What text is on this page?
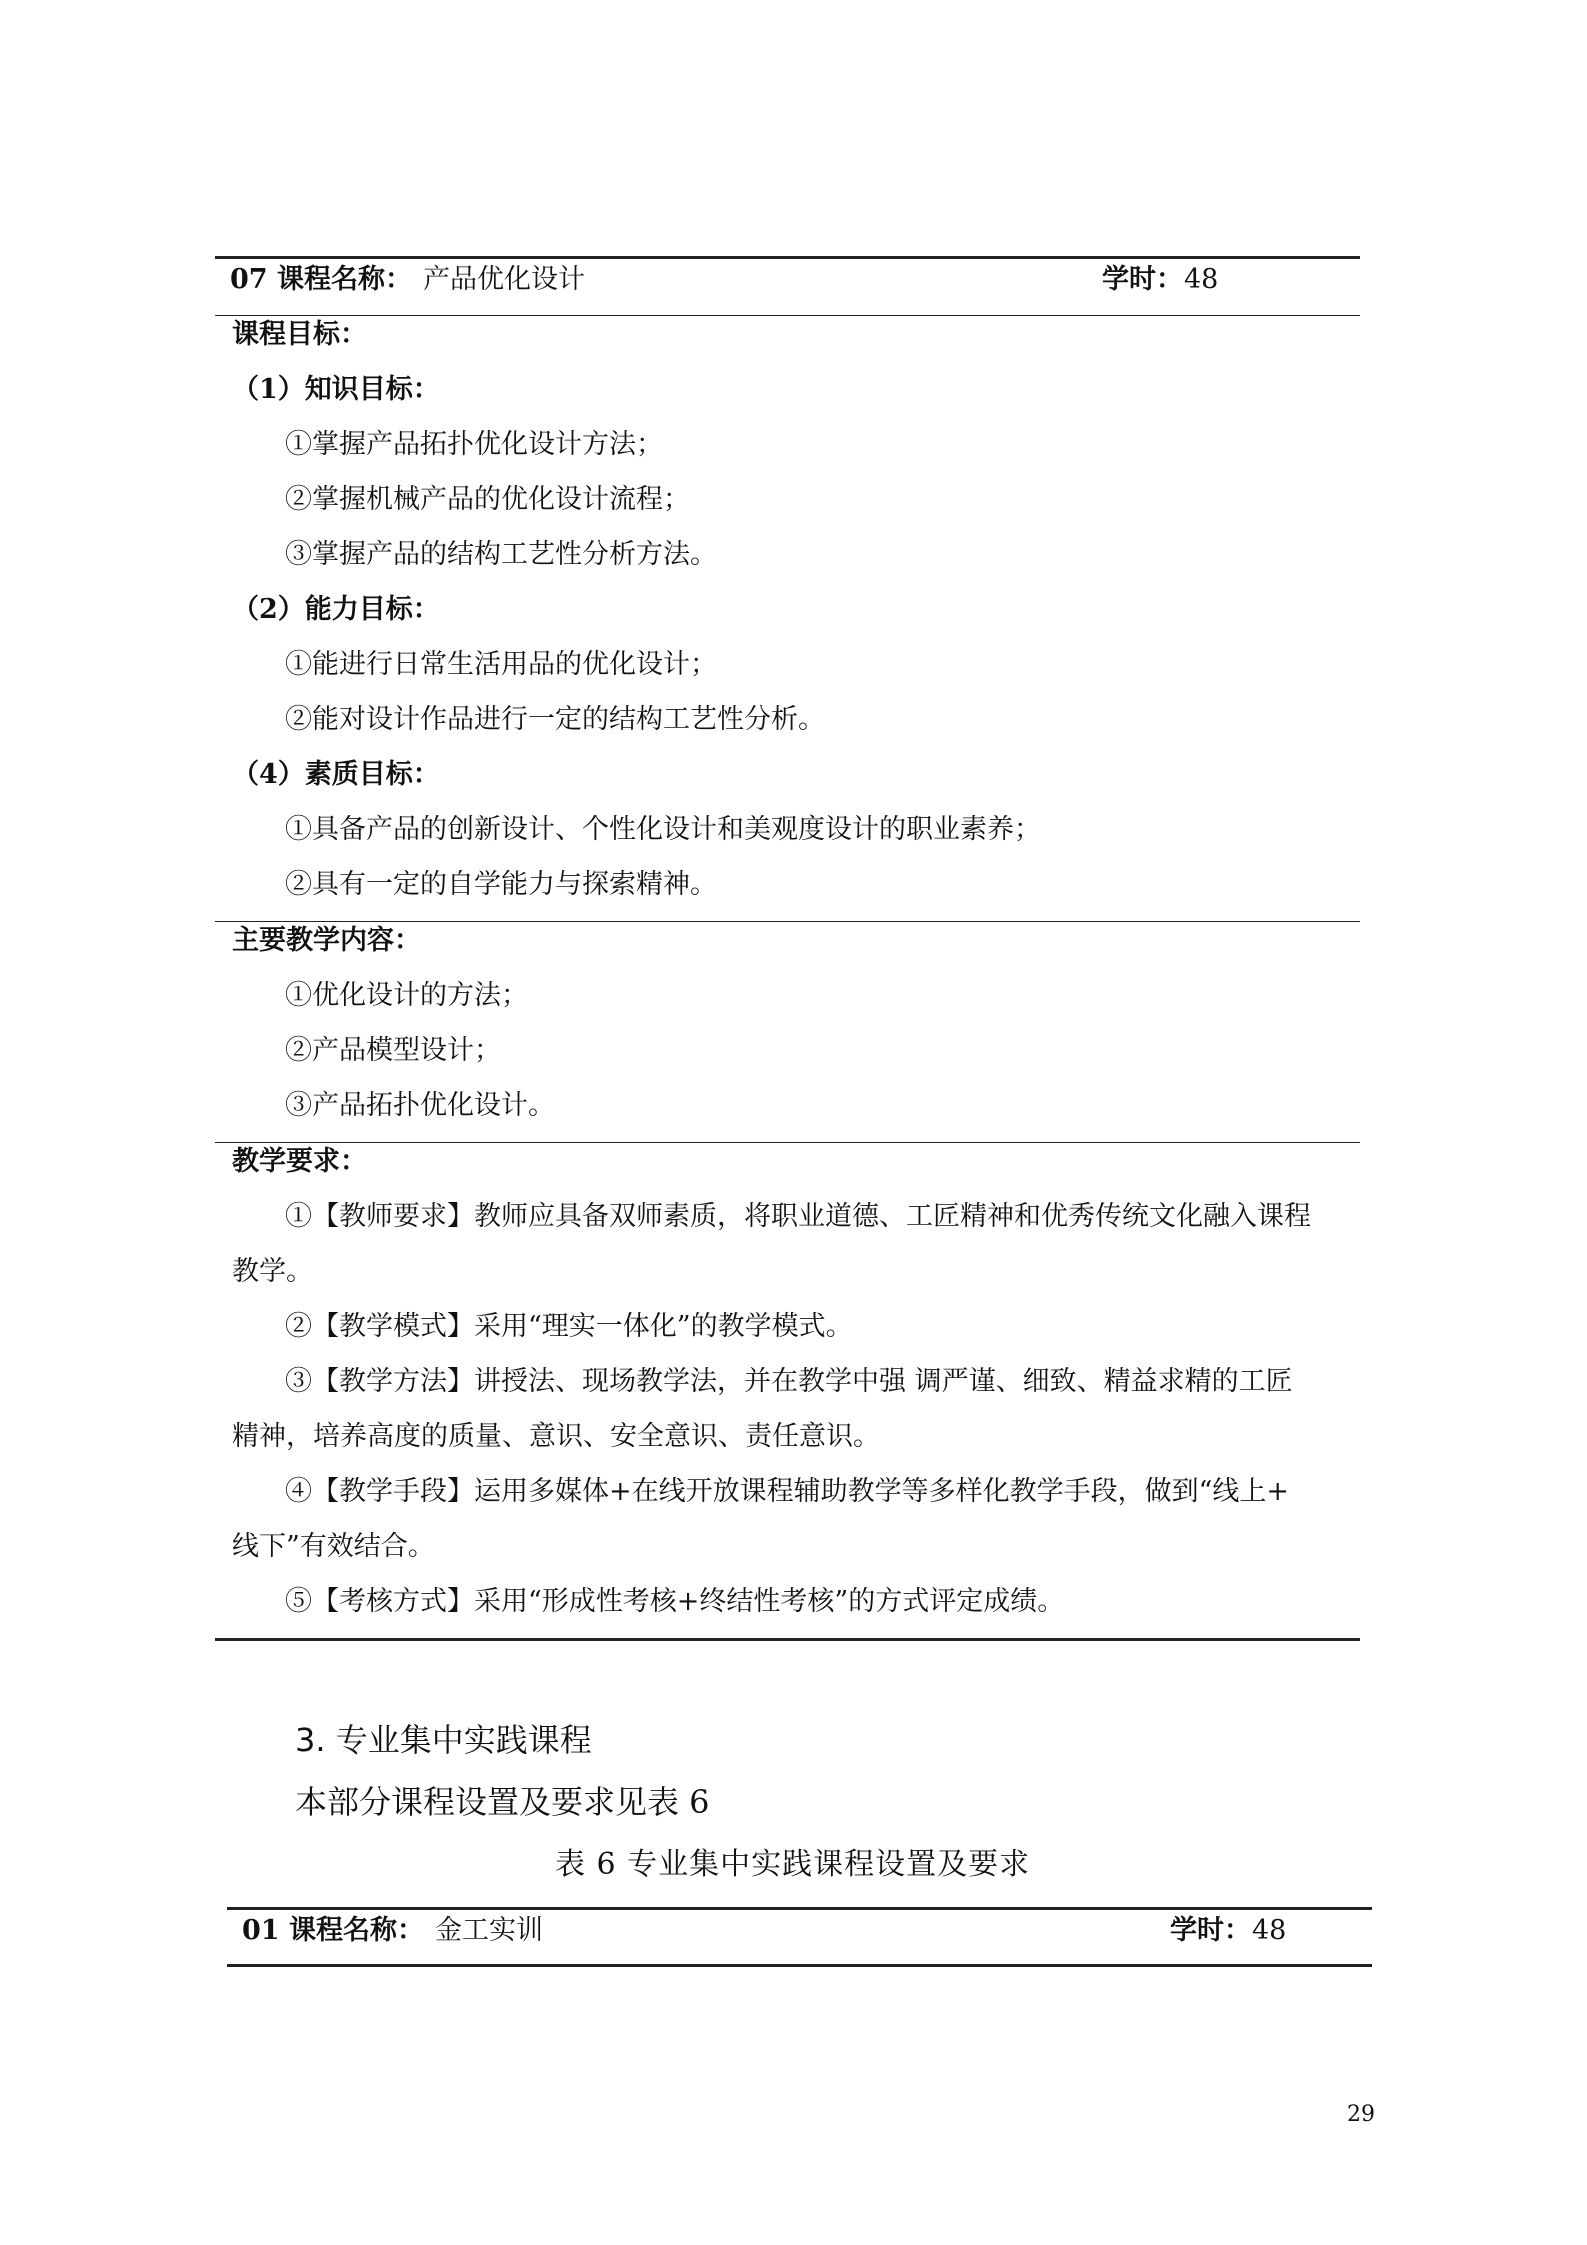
07 课程名称： 产品优化设计	学时： 48
课程目标：
（1）知识目标：
①掌握产品拓扑优化设计方法；
②掌握机械产品的优化设计流程；
③掌握产品的结构工艺性分析方法。
（2）能力目标：
①能进行日常生活用品的优化设计；
②能对设计作品进行一定的结构工艺性分析。
（4）素质目标：
①具备产品的创新设计、个性化设计和美观度设计的职业素养；
②具有一定的自学能力与探索精神。
主要教学内容：
①优化设计的方法；
②产品模型设计；
③产品拓扑优化设计。
教学要求：
①【教师要求】教师应具备双师素质，将职业道德、工匠精神和优秀传统文化融入课程
教学。
②【教学模式】采用“理实一体化”的教学模式。
③【教学方法】讲授法、现场教学法，并在教学中强 调严谨、细致、精益求精的工匠
精神，培养高度的质量、意识、安全意识、责任意识。
④【教学手段】运用多媒体+在线开放课程辅助教学等多样化教学手段，做到“线上+
线下”有效结合。
⑤【考核方式】采用“形成性考核+终结性考核”的方式评定成绩。
3. 专业集中实践课程
本部分课程设置及要求见表 6
表 6 专业集中实践课程设置及要求
01 课程名称： 金工实训	学时： 48
29
